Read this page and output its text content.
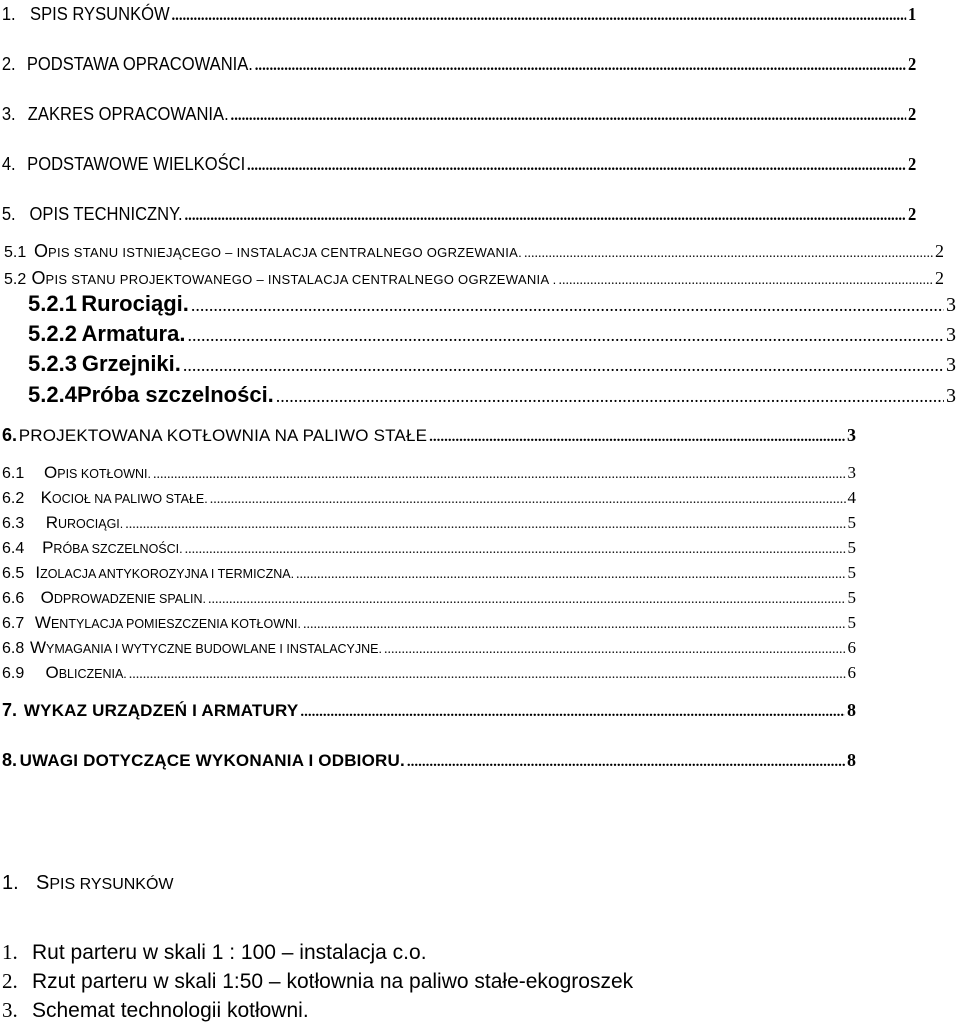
1. SPIS RYSUNKÓW .....	1
2. PODSTAWA OPRACOWANIA. .....	2
3. ZAKRES OPRACOWANIA. .....	2
4. PODSTAWOWE WIELKOŚCI .....	2
5. OPIS TECHNICZNY. .....	2
5.1 OPIS STANU ISTNIEJĄCEGO – INSTALACJA CENTRALNEGO OGRZEWANIA. .....	2
5.2 OPIS STANU PROJEKTOWANEGO – INSTALACJA CENTRALNEGO OGRZEWANIA . .....	2
5.2.1 Rurociągi. .....	3
5.2.2 Armatura. .....	3
5.2.3 Grzejniki. .....	3
5.2.4 Próba szczelności. .....	3
6. PROJEKTOWANA KOTŁOWNIA NA PALIWO STAŁE .....	3
6.1	OPIS KOTŁOWNI. .....	3
6.2 KOCIOŁ NA PALIWO STAŁE. .....	4
6.3	RUROCIĄGI. .....	5
6.4	PRÓBA SZCZELNOŚCI. .....	5
6.5 IZOLACJA ANTYKOROZYJNA I TERMICZNA. .....	5
6.6 ODPROWADZENIE SPALIN. .....	5
6.7 WENTYLACJA POMIESZCZENIA KOTŁOWNI. .....	5
6.8 WYMAGANIA I WYTYCZNE BUDOWLANE I INSTALACYJNE. .....	6
6.9	OBLICZENIA. .....	6
7. WYKAZ URZĄDZEŃ I ARMATURY .....	8
8. UWAGI DOTYCZĄCE WYKONANIA I ODBIORU. .....	8
1. SPIS RYSUNKÓW
1. Rut parteru w skali 1 : 100 – instalacja c.o.
2. Rzut parteru w skali 1:50 – kotłownia na paliwo stałe-ekogroszek
3. Schemat technologii kotłowni.
